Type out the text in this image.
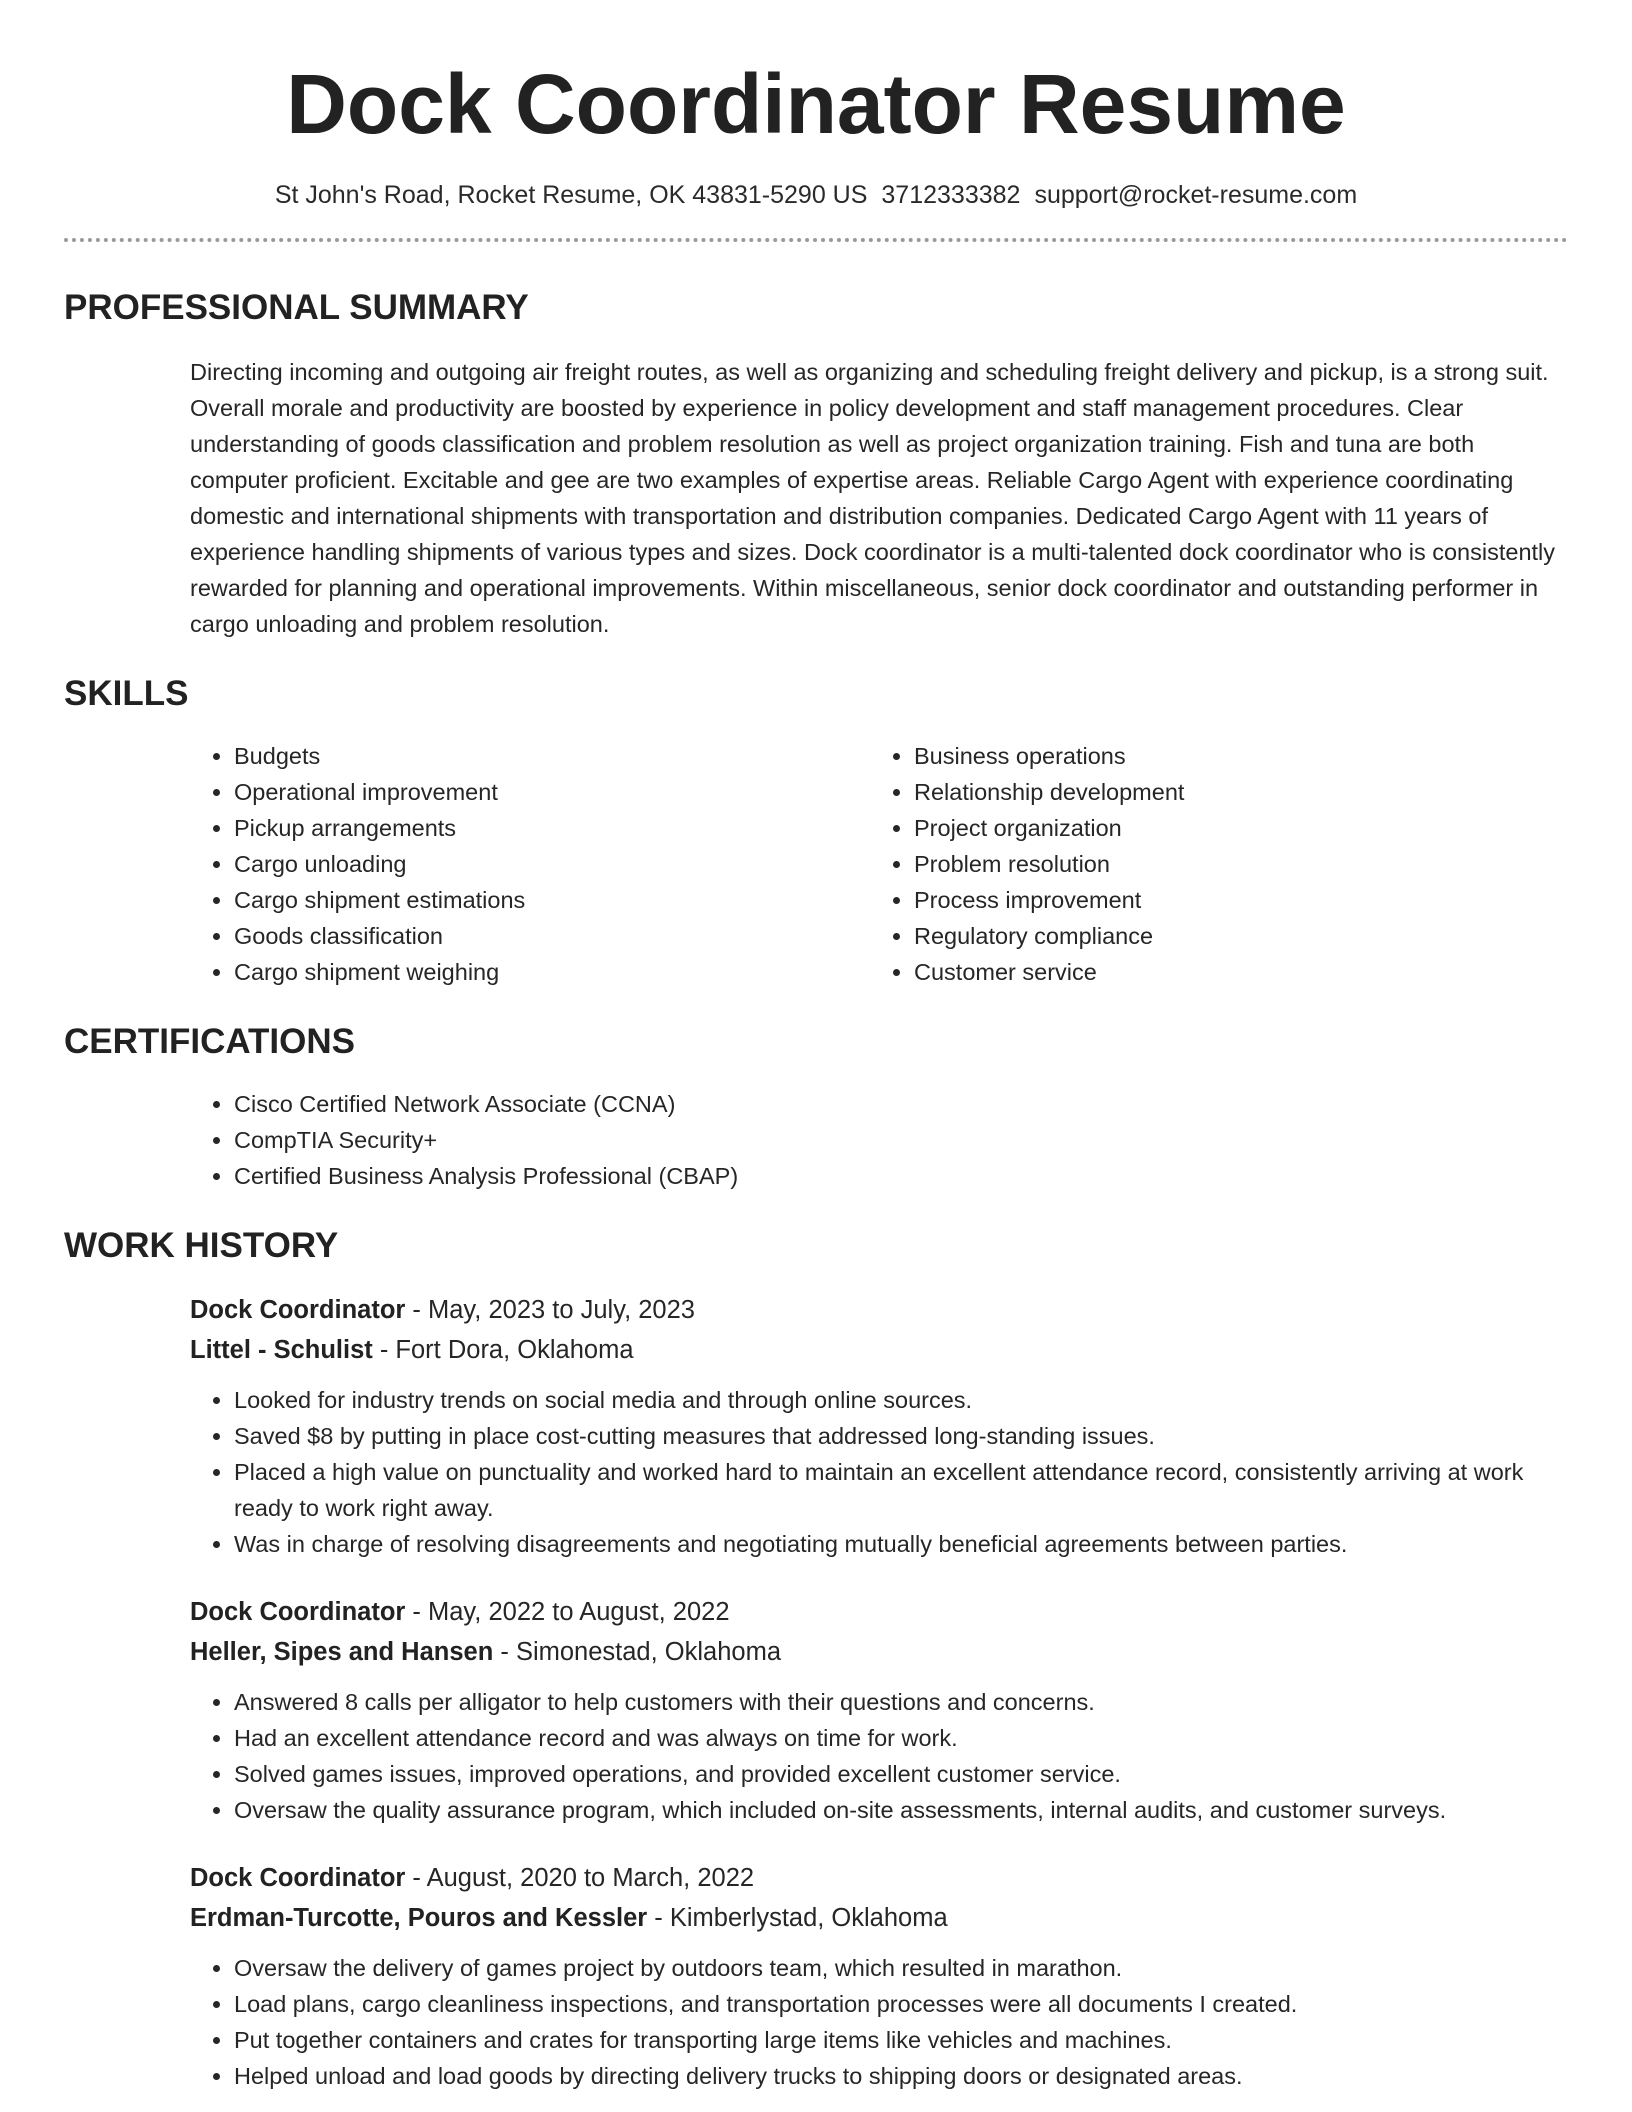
Dock Coordinator Resume
St John's Road, Rocket Resume, OK 43831-5290 US 3712333382 support@rocket-resume.com
PROFESSIONAL SUMMARY

Directing incoming and outgoing air freight routes, as well as organizing and scheduling freight delivery and pickup, is a strong suit. Overall morale and productivity are boosted by experience in policy development and staff management procedures. Clear understanding of goods classification and problem resolution as well as project organization training. Fish and tuna are both computer proficient. Excitable and gee are two examples of expertise areas. Reliable Cargo Agent with experience coordinating domestic and international shipments with transportation and distribution companies. Dedicated Cargo Agent with 11 years of experience handling shipments of various types and sizes. Dock coordinator is a multi-talented dock coordinator who is consistently rewarded for planning and operational improvements. Within miscellaneous, senior dock coordinator and outstanding performer in cargo unloading and problem resolution.

SKILLS
• Budgets
• Operational improvement
• Pickup arrangements
• Cargo unloading
• Cargo shipment estimations
• Goods classification
• Cargo shipment weighing
• Business operations
• Relationship development
• Project organization
• Problem resolution
• Process improvement
• Regulatory compliance
• Customer service
CERTIFICATIONS
• Cisco Certified Network Associate (CCNA)
• CompTIA Security+
• Certified Business Analysis Professional (CBAP)
WORK HISTORY
Dock Coordinator - May, 2023 to July, 2023
Littel - Schulist - Fort Dora, Oklahoma
• Looked for industry trends on social media and through online sources.
• Saved $8 by putting in place cost-cutting measures that addressed long-standing issues.
• Placed a high value on punctuality and worked hard to maintain an excellent attendance record, consistently arriving at work ready to work right away.
• Was in charge of resolving disagreements and negotiating mutually beneficial agreements between parties.
Dock Coordinator - May, 2022 to August, 2022
Heller, Sipes and Hansen - Simonestad, Oklahoma
• Answered 8 calls per alligator to help customers with their questions and concerns.
• Had an excellent attendance record and was always on time for work.
• Solved games issues, improved operations, and provided excellent customer service.
• Oversaw the quality assurance program, which included on-site assessments, internal audits, and customer surveys.
Dock Coordinator - August, 2020 to March, 2022
Erdman-Turcotte, Pouros and Kessler - Kimberlystad, Oklahoma
• Oversaw the delivery of games project by outdoors team, which resulted in marathon.
• Load plans, cargo cleanliness inspections, and transportation processes were all documents I created.
• Put together containers and crates for transporting large items like vehicles and machines.
• Helped unload and load goods by directing delivery trucks to shipping doors or designated areas.
